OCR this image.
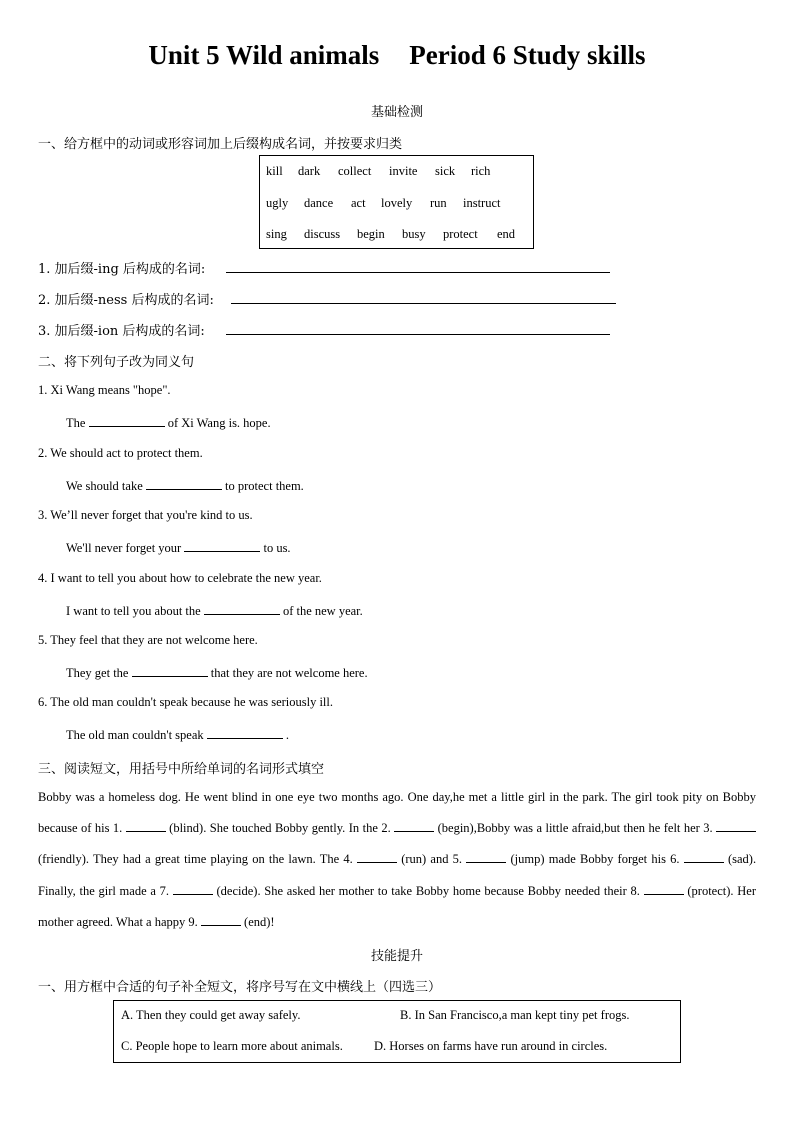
Unit 5 Wild animals Period 6 Study skills
基础检测
一、给方框中的动词或形容词加上后缀构成名词，并按要求归类
kill dark collect invite sick rich
ugly dance act lovely run instruct
sing discuss begin busy protect end
1. 加后缀-ing 后构成的名词:
2. 加后缀-ness 后构成的名词:
3. 加后缀-ion 后构成的名词:
二、将下列句子改为同义句
1. Xi Wang means "hope".
The	of Xi Wang is. hope.
2. We should act to protect them.
We should take	to protect them.
3. We’ll never forget that you're kind to us.
We'll never forget your	to us.
4. I want to tell you about how to celebrate the new year.
I want to tell you about the	of the new year.
5. They feel that they are not welcome here.
They get the	that they are not welcome here.
6. The old man couldn't speak because he was seriously ill.
The old man couldn't speak	.
三、阅读短文，用括号中所给单词的名词形式填空
Bobby was a homeless dog. He went blind in one eye two months ago. One day,he met a little girl in the park. The girl took pity on Bobby because of his 1.	(blind). She touched Bobby gently. In the 2.	(begin),Bobby was a little afraid,but then he felt her 3.  (friendly). They had a great time playing on the lawn. The 4.	(run) and 5.	(jump) made Bobby forget his 6.	(sad). Finally, the girl made a 7.	(decide). She asked her mother to take Bobby home because Bobby needed their 8.	(protect). Her mother agreed. What a happy 9.	(end)!
技能提升
一、用方框中合适的句子补全短文，将序号写在文中横线上（四选三）
A. Then they could get away safely.	B. In San Francisco,a man kept tiny pet frogs.
C. People hope to learn more about animals. D. Horses on farms have run around in circles.
